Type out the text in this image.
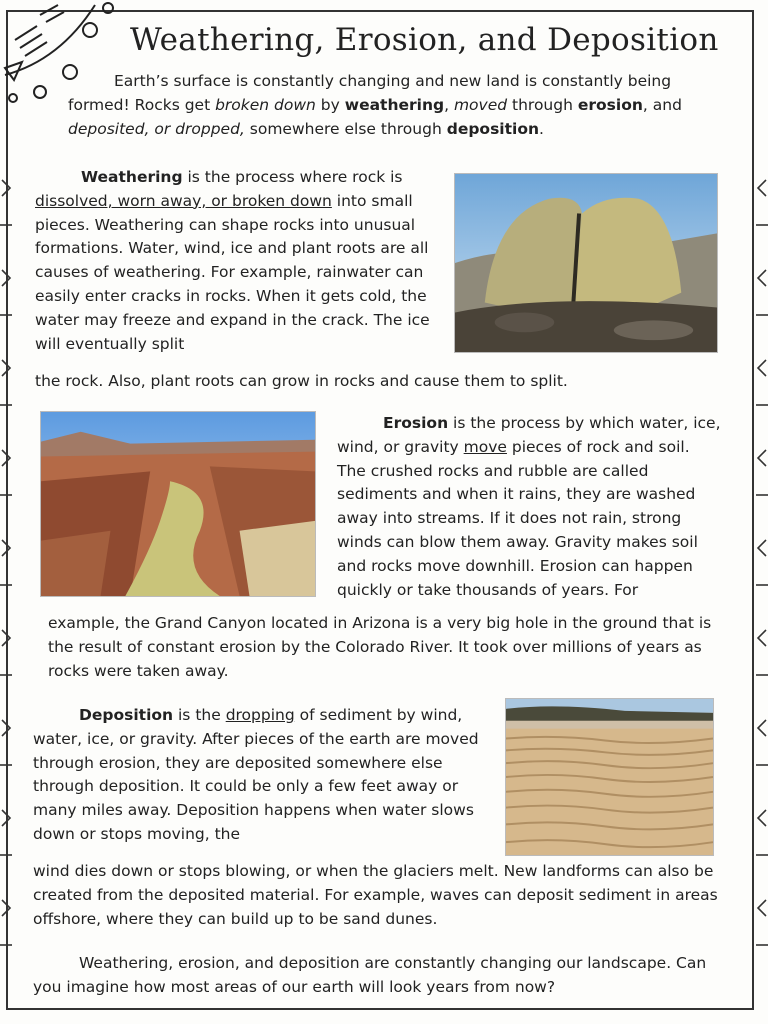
Weathering, Erosion, and Deposition

Earth’s surface is constantly changing and new land is constantly being formed! Rocks get broken down by weathering, moved through erosion, and deposited, or dropped, somewhere else through deposition.

Weathering is the process where rock is dissolved, worn away, or broken down into small pieces. Weathering can shape rocks into unusual formations. Water, wind, ice and plant roots are all causes of weathering. For example, rainwater can easily enter cracks in rocks. When it gets cold, the water may freeze and expand in the crack. The ice will eventually split

the rock. Also, plant roots can grow in rocks and cause them to split.

Erosion is the process by which water, ice, wind, or gravity move pieces of rock and soil. The crushed rocks and rubble are called sediments and when it rains, they are washed away into streams. If it does not rain, strong winds can blow them away. Gravity makes soil and rocks move downhill. Erosion can happen quickly or take thousands of years. For

example, the Grand Canyon located in Arizona is a very big hole in the ground that is the result of constant erosion by the Colorado River. It took over millions of years as rocks were taken away.

Deposition is the dropping of sediment by wind, water, ice, or gravity. After pieces of the earth are moved through erosion, they are deposited somewhere else through deposition. It could be only a few feet away or many miles away. Deposition happens when water slows down or stops moving, the

wind dies down or stops blowing, or when the glaciers melt. New landforms can also be created from the deposited material. For example, waves can deposit sediment in areas offshore, where they can build up to be sand dunes.

Weathering, erosion, and deposition are constantly changing our landscape. Can you imagine how most areas of our earth will look years from now?
